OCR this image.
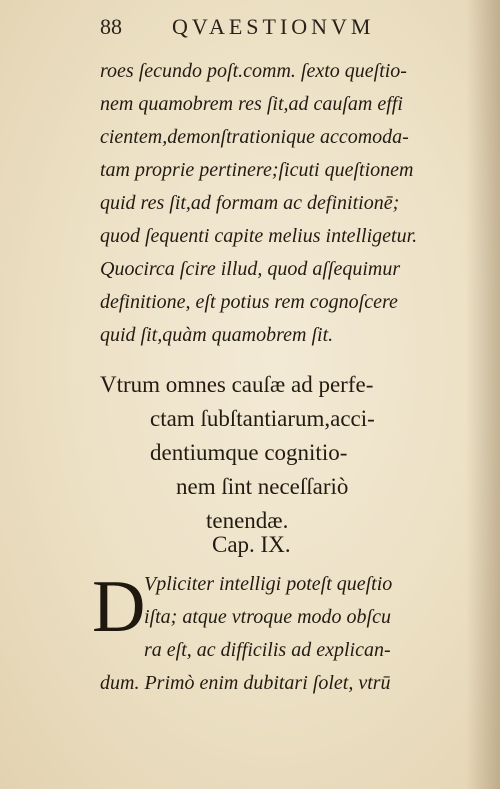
88 QVAESTIONVM
roes ſecundo poſt.comm. ſexto queſtio-
nem quamobrem res ſit,ad cauſam effi
cientem,demonſtrationique accomoda-
tam proprie pertinere;ſicuti queſtionem
quid res ſit,ad formam ac definitionē;
quod ſequenti capite melius intelligetur.
Quocirca ſcire illud, quod aſſequimur
definitione, eſt potius rem cognoſcere
quid ſit,quàm quamobrem ſit.
Vtrum omnes cauſæ ad perfe-
ctam ſubſtantiarum,acci-
dentiumque cognitio-
nem ſint neceſſariò
tenendæ.
Cap. IX.
D
Vpliciter intelligi poteſt queſtio
iſta; atque vtroque modo obſcu
ra eſt, ac difficilis ad explican-
dum. Primò enim dubitari ſolet, vtrū
